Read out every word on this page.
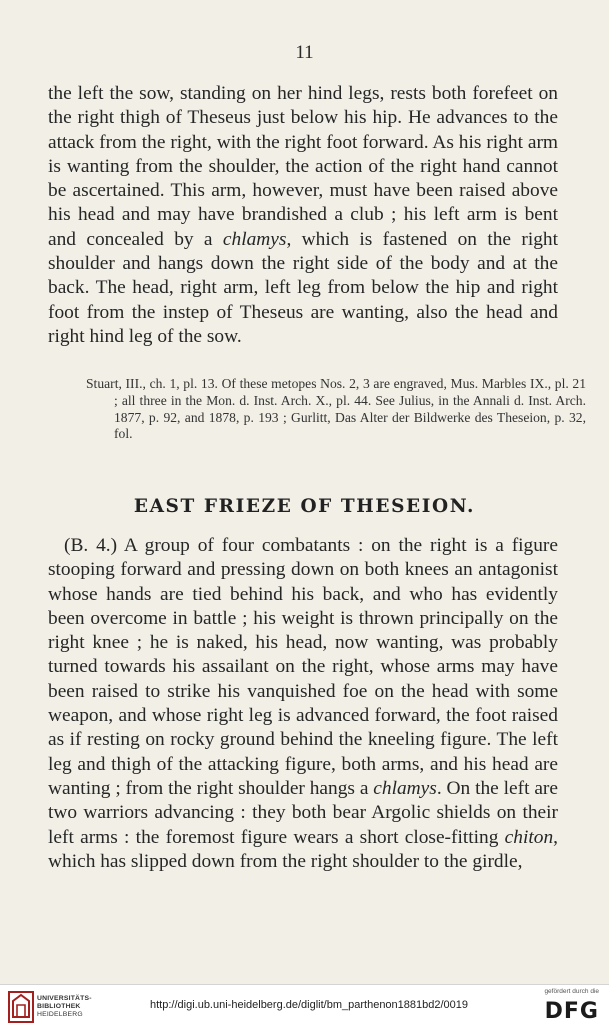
11

the left the sow, standing on her hind legs, rests both forefeet on the right thigh of Theseus just below his hip. He advances to the attack from the right, with the right foot forward. As his right arm is wanting from the shoulder, the action of the right hand cannot be ascertained. This arm, however, must have been raised above his head and may have brandished a club ; his left arm is bent and concealed by a chlamys, which is fastened on the right shoulder and hangs down the right side of the body and at the back. The head, right arm, left leg from below the hip and right foot from the instep of Theseus are wanting, also the head and right hind leg of the sow.

Stuart, III., ch. 1, pl. 13. Of these metopes Nos. 2, 3 are engraved, Mus. Marbles IX., pl. 21 ; all three in the Mon. d. Inst. Arch. X., pl. 44. See Julius, in the Annali d. Inst. Arch. 1877, p. 92, and 1878, p. 193 ; Gurlitt, Das Alter der Bildwerke des Theseion, p. 32, fol.

EAST FRIEZE OF THESEION.

(B. 4.) A group of four combatants : on the right is a figure stooping forward and pressing down on both knees an antagonist whose hands are tied behind his back, and who has evidently been overcome in battle ; his weight is thrown principally on the right knee ; he is naked, his head, now wanting, was probably turned towards his assailant on the right, whose arms may have been raised to strike his vanquished foe on the head with some weapon, and whose right leg is advanced forward, the foot raised as if resting on rocky ground behind the kneeling figure. The left leg and thigh of the attacking figure, both arms, and his head are wanting ; from the right shoulder hangs a chlamys. On the left are two warriors advancing : they both bear Argolic shields on their left arms : the foremost figure wears a short close-fitting chiton, which has slipped down from the right shoulder to the girdle,

UNIVERSITÄTS-
BIBLIOTHEK
HEIDELBERG
http://digi.ub.uni-heidelberg.de/diglit/bm_parthenon1881bd2/0019
gefördert durch die
DFG
